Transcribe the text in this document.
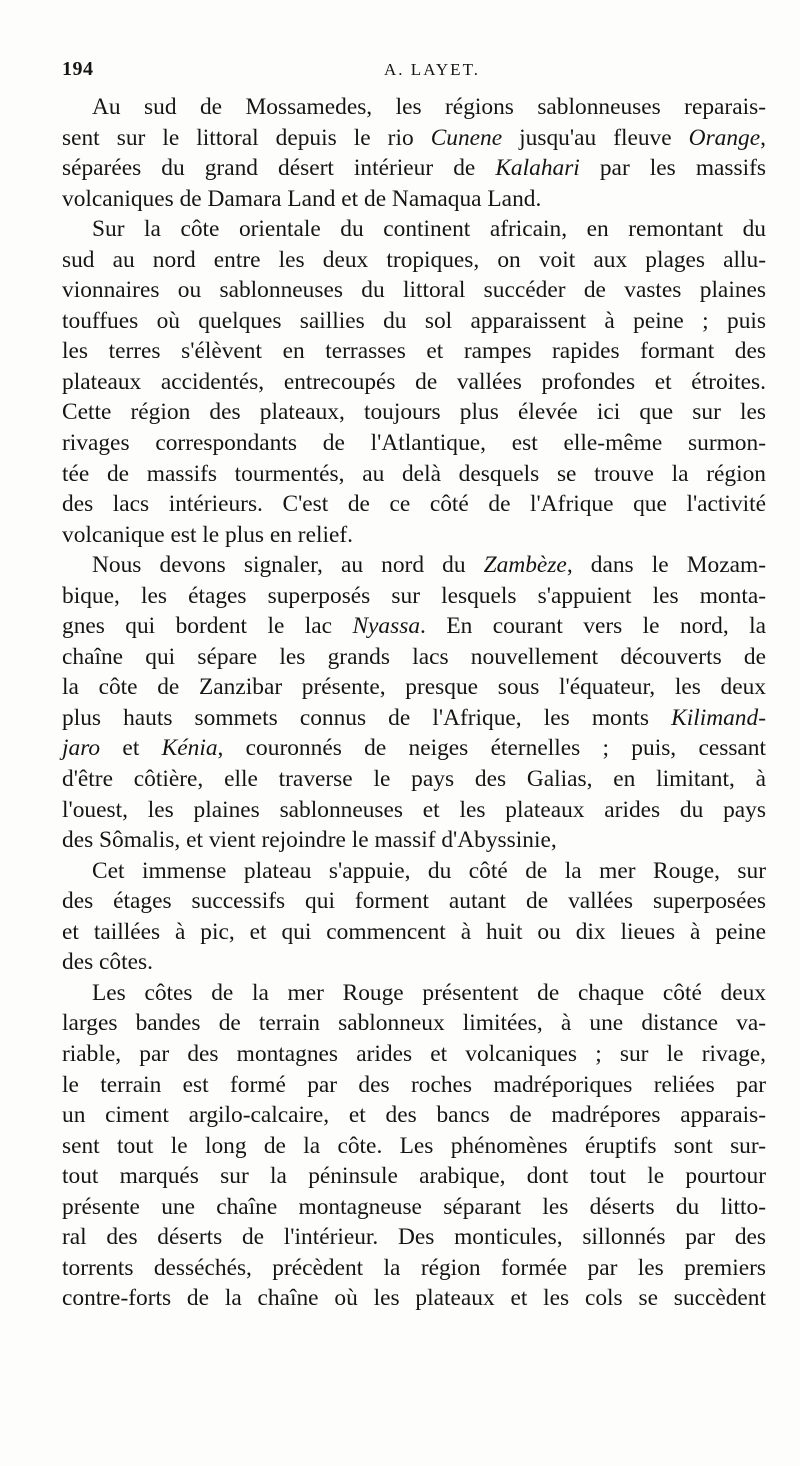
194	A. LAYET.
Au sud de Mossamedes, les régions sablonneuses reparais-
sent sur le littoral depuis le rio Cunene jusqu'au fleuve Orange,
séparées du grand désert intérieur de Kalahari par les massifs
volcaniques de Damara Land et de Namaqua Land.
Sur la côte orientale du continent africain, en remontant du
sud au nord entre les deux tropiques, on voit aux plages allu-
vionnaires ou sablonneuses du littoral succéder de vastes plaines
touffues où quelques saillies du sol apparaissent à peine ; puis
les terres s'élèvent en terrasses et rampes rapides formant des
plateaux accidentés, entrecoupés de vallées profondes et étroites.
Cette région des plateaux, toujours plus élevée ici que sur les
rivages correspondants de l'Atlantique, est elle-même surmon-
tée de massifs tourmentés, au delà desquels se trouve la région
des lacs intérieurs. C'est de ce côté de l'Afrique que l'activité
volcanique est le plus en relief.
Nous devons signaler, au nord du Zambèze, dans le Mozam-
bique, les étages superposés sur lesquels s'appuient les monta-
gnes qui bordent le lac Nyassa. En courant vers le nord, la
chaîne qui sépare les grands lacs nouvellement découverts de
la côte de Zanzibar présente, presque sous l'équateur, les deux
plus hauts sommets connus de l'Afrique, les monts Kilimand-
jaro et Kénia, couronnés de neiges éternelles ; puis, cessant
d'être côtière, elle traverse le pays des Galias, en limitant, à
l'ouest, les plaines sablonneuses et les plateaux arides du pays
des Sômalis, et vient rejoindre le massif d'Abyssinie,
Cet immense plateau s'appuie, du côté de la mer Rouge, sur
des étages successifs qui forment autant de vallées superposées
et taillées à pic, et qui commencent à huit ou dix lieues à peine
des côtes.
Les côtes de la mer Rouge présentent de chaque côté deux
larges bandes de terrain sablonneux limitées, à une distance va-
riable, par des montagnes arides et volcaniques ; sur le rivage,
le terrain est formé par des roches madréporiques reliées par
un ciment argilo-calcaire, et des bancs de madrépores apparais-
sent tout le long de la côte. Les phénomènes éruptifs sont sur-
tout marqués sur la péninsule arabique, dont tout le pourtour
présente une chaîne montagneuse séparant les déserts du litto-
ral des déserts de l'intérieur. Des monticules, sillonnés par des
torrents desséchés, précèdent la région formée par les premiers
contre-forts de la chaîne où les plateaux et les cols se succèdent
